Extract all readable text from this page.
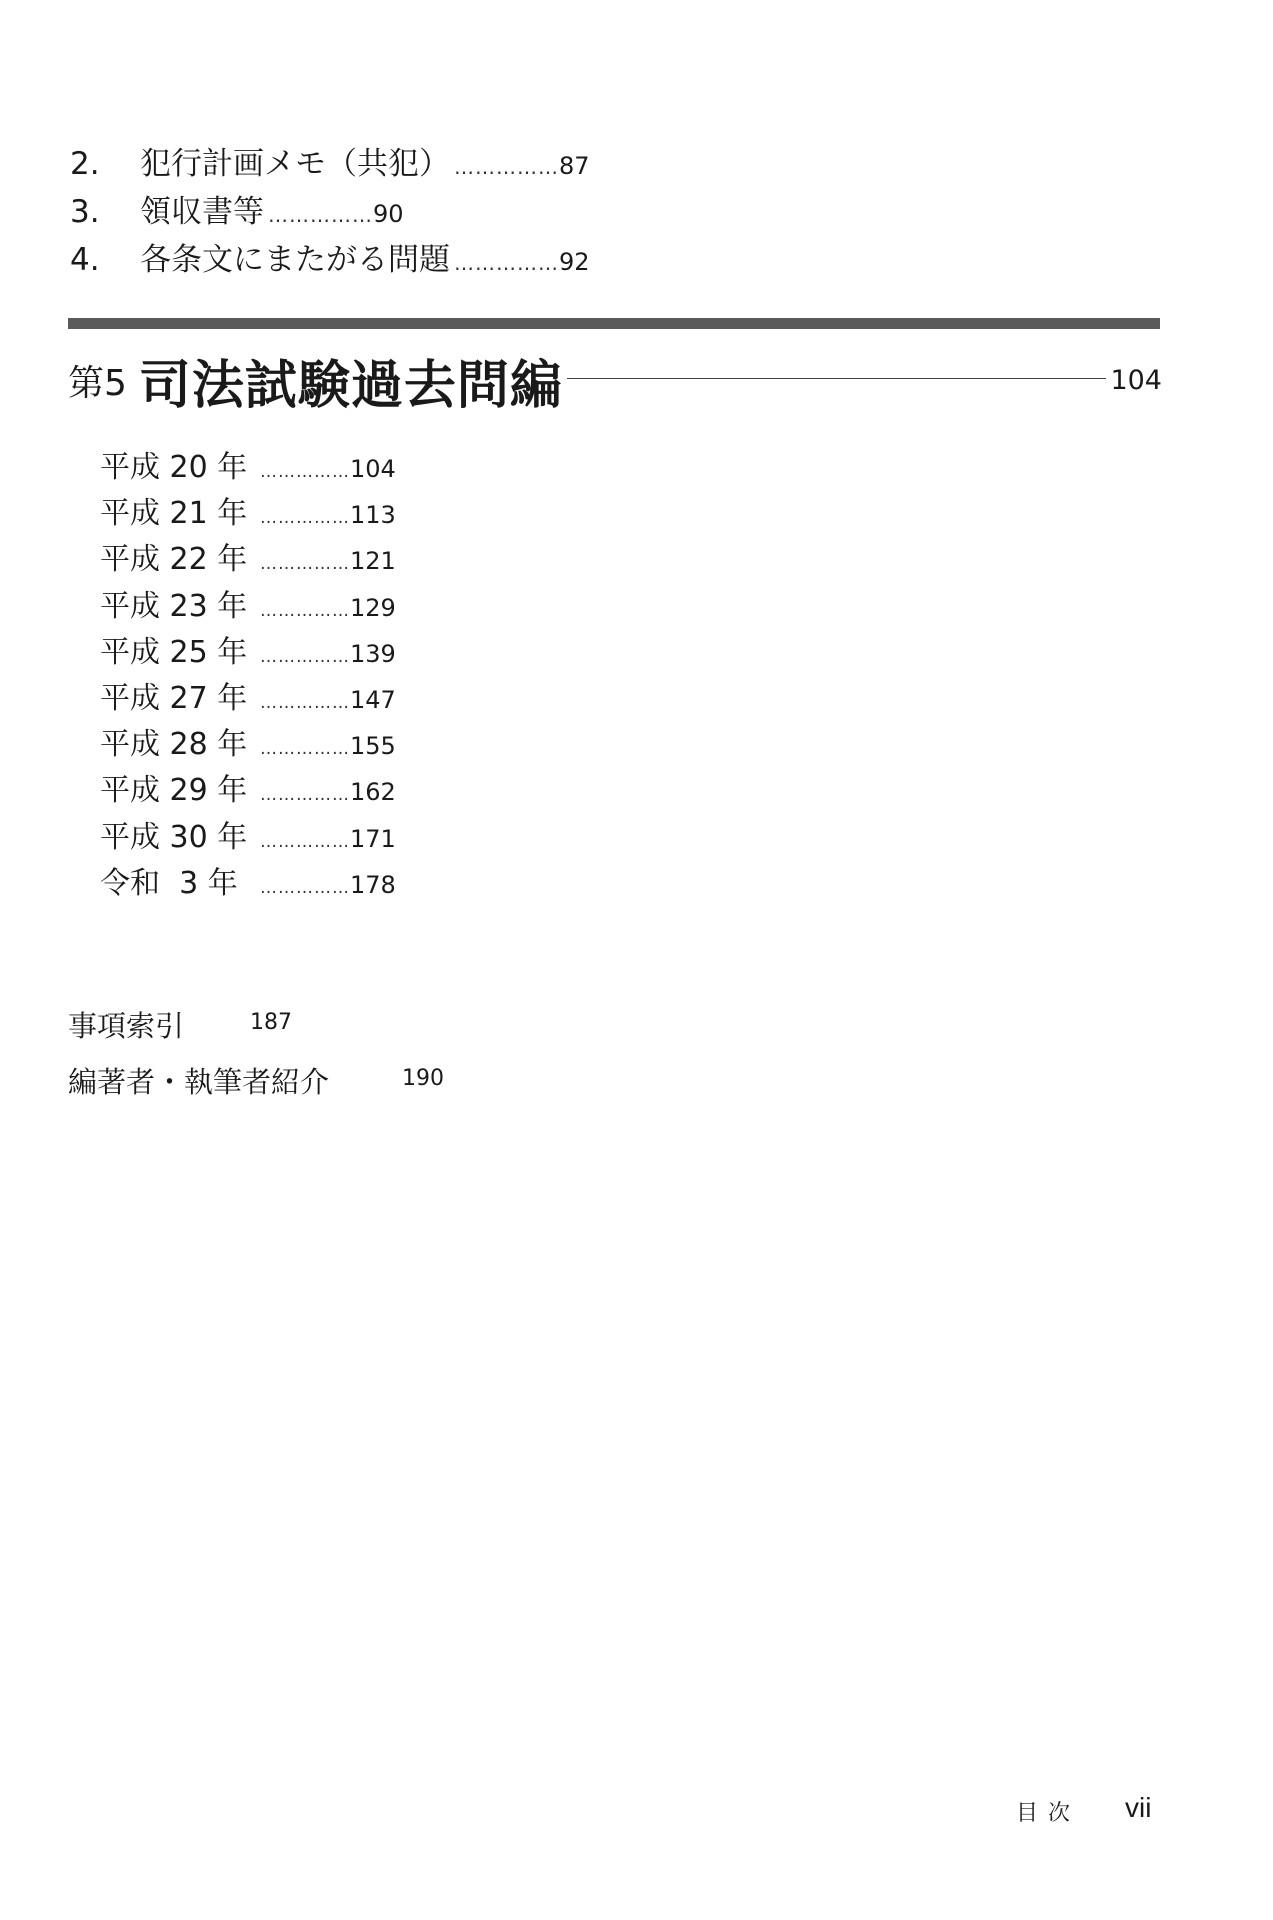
2.	犯行計画メモ（共犯） …………… 87
3.	領収書等 …………… 90
4.	各条文にまたがる問題 …………… 92
第5 司法試験過去問編	104
平成 20 年 …………… 104
平成 21 年 …………… 113
平成 22 年 …………… 121
平成 23 年 …………… 129
平成 25 年 …………… 139
平成 27 年 …………… 147
平成 28 年 …………… 155
平成 29 年 …………… 162
平成 30 年 …………… 171
令和  3 年	…………… 178
事項索引	187
編著者・執筆者紹介	190
目次 vii
